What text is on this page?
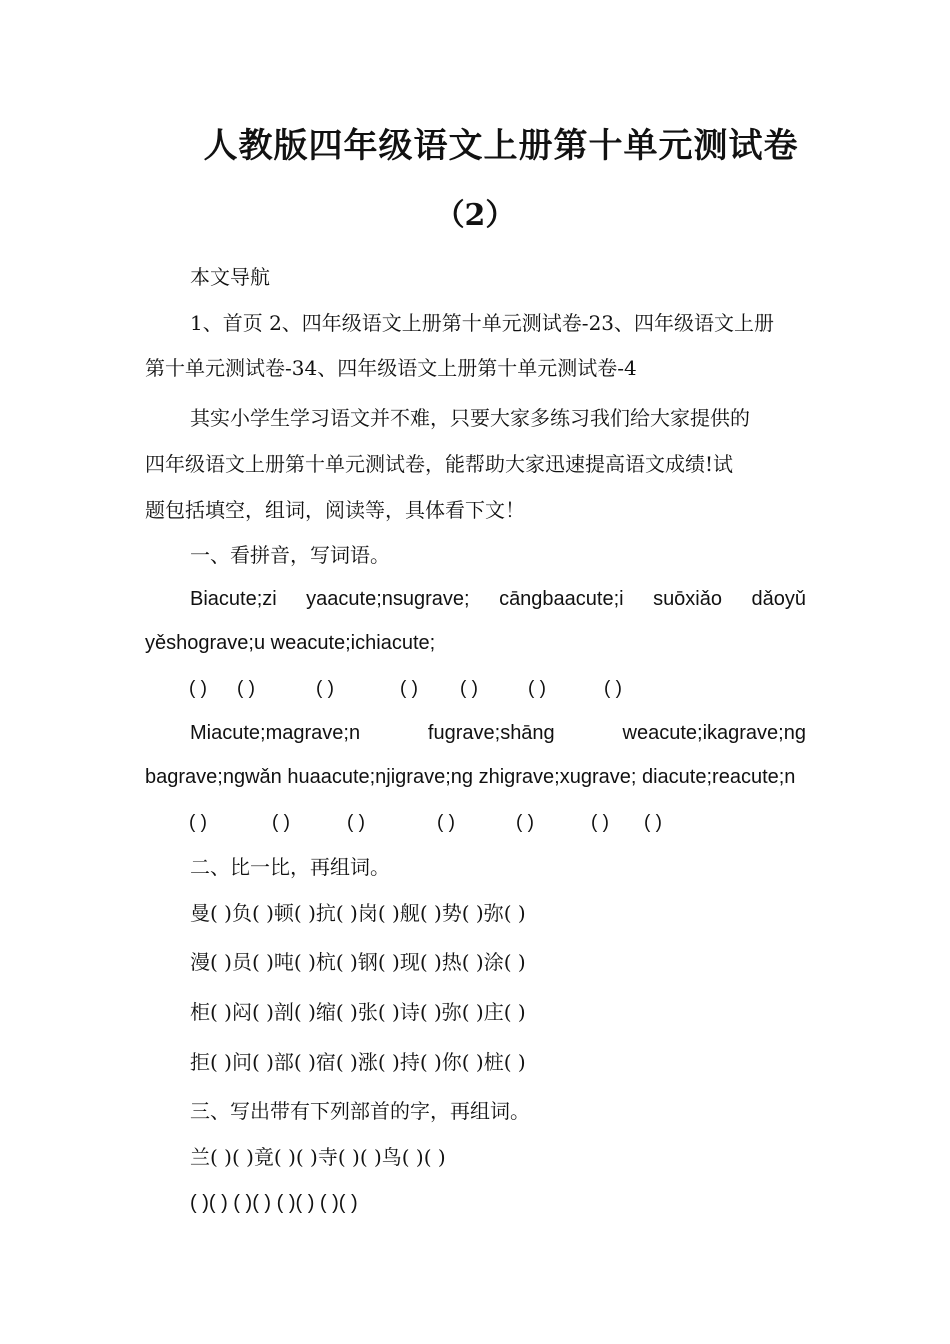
人教版四年级语文上册第十单元测试卷
（2）
本文导航
1、首页 2、四年级语文上册第十单元测试卷-23、四年级语文上册
第十单元测试卷-34、四年级语文上册第十单元测试卷-4
其实小学生学习语文并不难，只要大家多练习我们给大家提供的
四年级语文上册第十单元测试卷，能帮助大家迅速提高语文成绩!试
题包括填空，组词，阅读等，具体看下文！
一、看拼音，写词语。
Biacute;zi yaacute;nsugrave; cāngbaacute;i suōxiǎo dǎoyǔ
yěshograve;u weacute;ichiacute;
( ) ( )	( )	( ) ( )	( )	( )
Miacute;magrave;n	fugrave;shāng	weacute;ikagrave;ng
bagrave;ngwǎn huaacute;njigrave;ng zhigrave;xugrave; diacute;reacute;n
( )	( )	( )	( )	( )	( ) ( )
二、比一比，再组词。
曼( )负( )顿( )抗( )岗( )舰( )势( )弥( )
漫( )员( )吨( )杭( )钢( )现( )热( )涂( )
柜( )闷( )剖( )缩( )张( )诗( )弥( )庄( )
拒( )问( )部( )宿( )涨( )持( )你( )桩( )
三、写出带有下列部首的字，再组词。
兰( )( )竟( )( )寺( )( )鸟( )( )
( )( ) ( )( ) ( )( ) ( )( )
